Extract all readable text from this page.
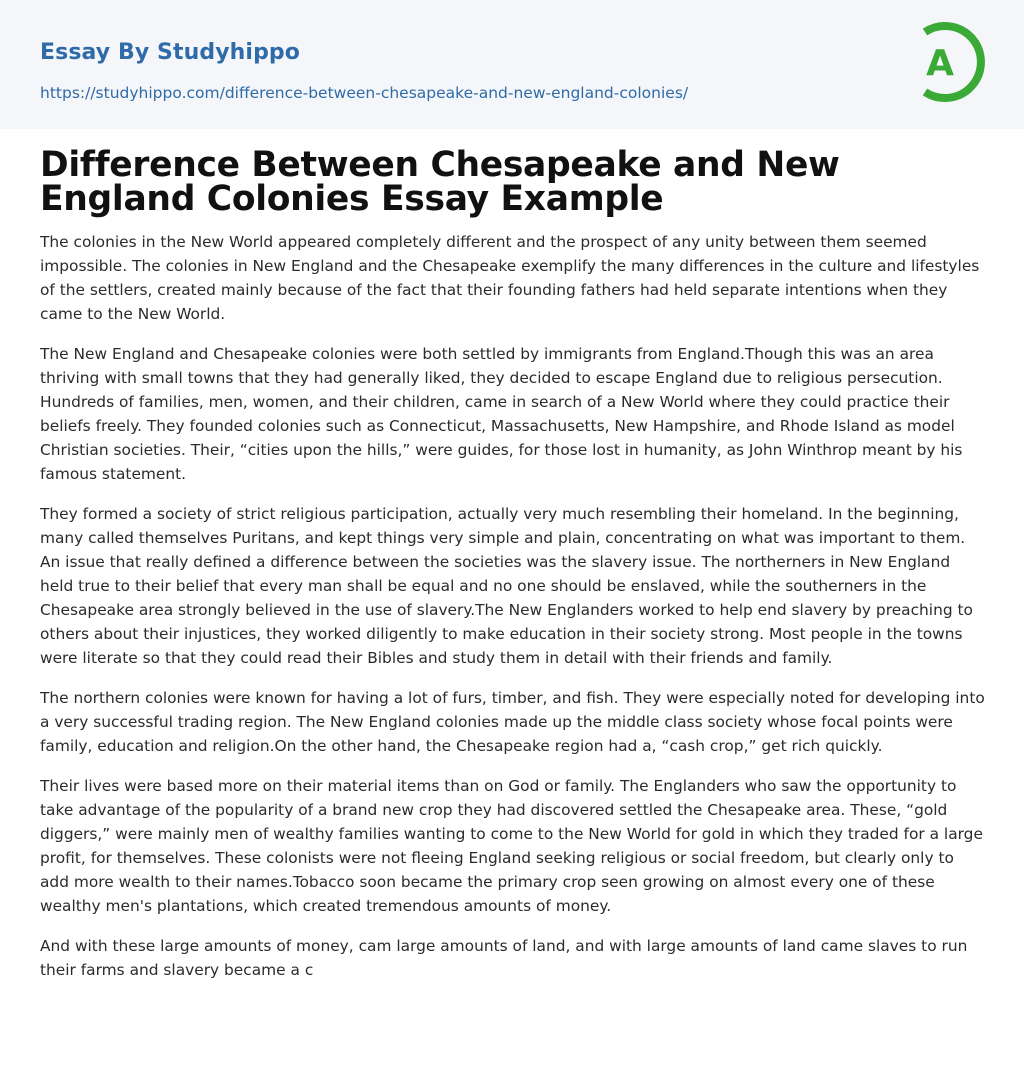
Essay By Studyhippo
https://studyhippo.com/difference-between-chesapeake-and-new-england-colonies/
A
Difference Between Chesapeake and New England Colonies Essay Example

The colonies in the New World appeared completely different and the prospect of any unity between them seemed impossible. The colonies in New England and the Chesapeake exemplify the many differences in the culture and lifestyles of the settlers, created mainly because of the fact that their founding fathers had held separate intentions when they came to the New World.

The New England and Chesapeake colonies were both settled by immigrants from England.Though this was an area thriving with small towns that they had generally liked, they decided to escape England due to religious persecution. Hundreds of families, men, women, and their children, came in search of a New World where they could practice their beliefs freely. They founded colonies such as Connecticut, Massachusetts, New Hampshire, and Rhode Island as model Christian societies. Their, “cities upon the hills,” were guides, for those lost in humanity, as John Winthrop meant by his famous statement.

They formed a society of strict religious participation, actually very much resembling their homeland. In the beginning, many called themselves Puritans, and kept things very simple and plain, concentrating on what was important to them. An issue that really defined a difference between the societies was the slavery issue. The northerners in New England held true to their belief that every man shall be equal and no one should be enslaved, while the southerners in the Chesapeake area strongly believed in the use of slavery.The New Englanders worked to help end slavery by preaching to others about their injustices, they worked diligently to make education in their society strong. Most people in the towns were literate so that they could read their Bibles and study them in detail with their friends and family.

The northern colonies were known for having a lot of furs, timber, and fish. They were especially noted for developing into a very successful trading region. The New England colonies made up the middle class society whose focal points were family, education and religion.On the other hand, the Chesapeake region had a, “cash crop,” get rich quickly.

Their lives were based more on their material items than on God or family. The Englanders who saw the opportunity to take advantage of the popularity of a brand new crop they had discovered settled the Chesapeake area. These, “gold diggers,” were mainly men of wealthy families wanting to come to the New World for gold in which they traded for a large profit, for themselves. These colonists were not fleeing England seeking religious or social freedom, but clearly only to add more wealth to their names.Tobacco soon became the primary crop seen growing on almost every one of these wealthy men's plantations, which created tremendous amounts of money.

And with these large amounts of money, cam large amounts of land, and with large amounts of land came slaves to run their farms and slavery became a c
